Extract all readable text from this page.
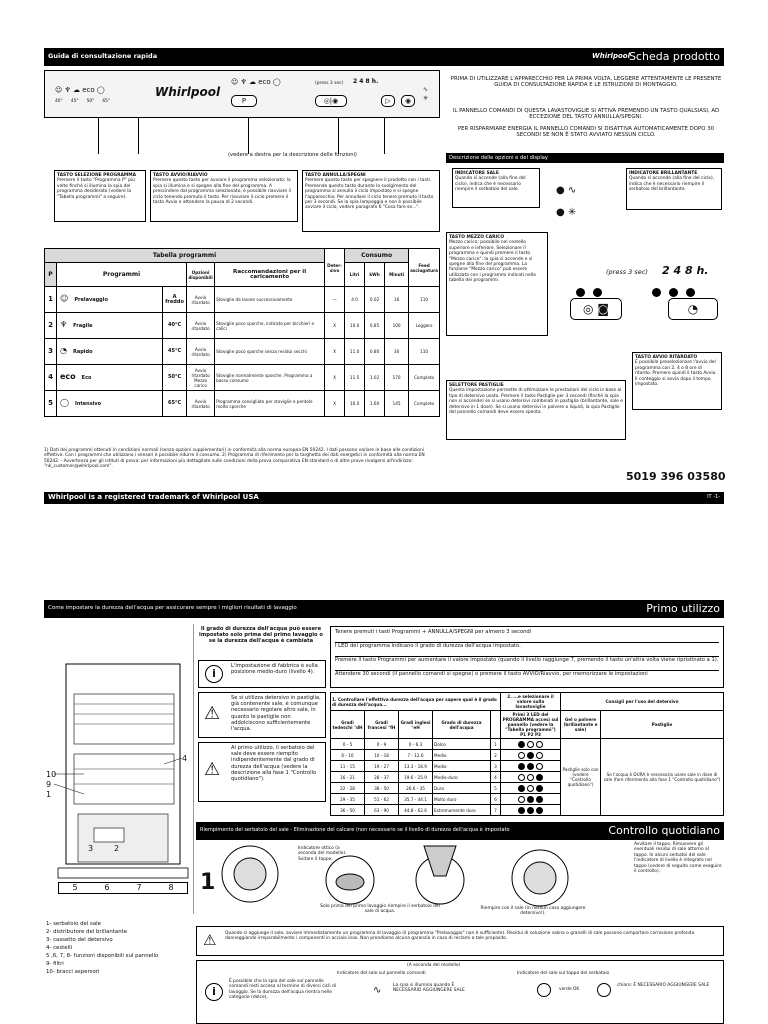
Guida di consultazione rapida	Whirlpool
Scheda prodotto
☺ ♆ ☁ eco ◯
40° 45° 50° 65°
Whirlpool
☺ ♆ ☁ eco ◯
P
(press 3 sec) 2 4 8 h.
◎|◉	▷	◉
∿
✳
(vedere a destra per la descrizione delle funzioni)
PRIMA DI UTILIZZARE L'APPARECCHIO PER LA PRIMA VOLTA, LEGGERE ATTENTAMENTE LE PRESENTE GUIDA DI CONSULTAZIONE RAPIDA E LE ISTRUZIONI DI MONTAGGIO.
IL PANNELLO COMANDI DI QUESTA LAVASTOVIGLIE SI ATTIVA PREMENDO UN TASTO QUALSIASI, AD ECCEZIONE DEL TASTO ANNULLA/SPEGNI.
PER RISPARMIARE ENERGIA IL PANNELLO COMANDI SI DISATTIVA AUTOMATICAMENTE DOPO 30 SECONDI SE NON È STATO AVVIATO NESSUN CICLO.
Descrizione delle opzioni e del display
TASTO SELEZIONE PROGRAMMA
Premere il tasto "Programma P" più volte finché si illumina la spia del programma desiderato (vedere la "Tabella programmi" a seguire).
TASTO AVVIO/RIAVVIO
Premere questo tasto per avviare il programma selezionato: la spia si illumina e si spegne alla fine del programma. A prescindere dal programma selezionato, è possibile riavviare il ciclo tenendo premuto il tasto. Per riavviare il ciclo premere il tasto Avvio e attendere la pausa di 2 secondi.
TASTO ANNULLA/SPEGNI
Premere questo tasto per spegnere il prodotto con i tasti. Premendo questo tasto durante lo svolgimento del programma si annulla il ciclo impostato e si spegne l'apparecchio. Per annullare il ciclo tenere premuto il tasto per 3 secondi. Se la spia lampeggia e non è possibile avviare il ciclo, vedere paragrafo 6 "Cosa fare se...".
INDICATORE SALE
Quando si accende (alla fine del ciclo), indica che è necessario riempire il serbatoio del sale.	● ∿
● ✳
INDICATORE BRILLANTANTE
Quando si accende (alla fine del ciclo), indica che è necessario riempire il serbatoio del brillantante.
TASTO MEZZO CARICO
Mezzo carico: possibile nel cestello superiore e inferiore. Selezionare il programma e quindi premere il tasto "Mezzo carico": la spia si accende e si spegne alla fine del programma. La funzione "Mezzo carico" può essere utilizzata con i programmi indicati nella tabella dei programmi.
(press 3 sec) 2 4 8 h.
◎ ◙	◔
TASTO AVVIO RITARDATO
È possibile preselezionare l'avvio del programma con 2, 4 o 8 ore di ritardo. Premere quindi il tasto Avvio. Il conteggio si avvia dopo il tempo impostato.
SELETTORE PASTIGLIE
Questa impostazione permette di ottimizzare le prestazioni del ciclo in base al tipo di detersivo usato. Premere il tasto Pastiglie per 3 secondi (finché la spia non si accende) se si usano detersivi combinati in pastiglia (brillantante, sale e detersivo in 1 dose). Se si usano detersivi in polvere o liquidi, la spia Pastiglie del pannello comandi deve essere spenta.
Tabella programmi					Deter-sivo	Consumo			Feed asciugatura
P	Programmi		Opzioni disponibili	Raccomandazioni per il caricamento		Litri	kWh	Minuti	
1	☺ Prelavaggio	A freddo	Avvio ritardato	Stoviglie da lavare successivamente	—	4.0	0.02	16	110
2	♆ Fragile	40°C	Avvio ritardato	Stoviglie poco sporche, indicato per bicchieri e calici	X	10.0	0.85	100	Leggero
3	◔ Rapido	45°C	Avvio ritardato	Stoviglie poco sporche senza residui secchi	X	11.0	0.80	30	110
4	eco Eco	50°C	Avvio ritardato Mezzo carico	Stoviglie normalmente sporche. Programma a basso consumo	X	11.5	1.02	170	Completo
5	◯ Intensivo	65°C	Avvio ritardato	Programma consigliato per stoviglie e pentole molto sporche	X	16.0	1.60	145	Completo
1) Dati dei programmi ottenuti in condizioni normali (senza opzioni supplementari) in conformità alla norma europea EN 50242. I dati possono variare in base alle condizioni effettive. Con i programmi che utilizzano i sensori è possibile ridurre il consumo. 2) Programma di riferimento per la targhetta dei dati energetici in conformità alla norma EN 50242. - Avvertenza per gli istituti di prova: per informazioni più dettagliate sulle condizioni della prova comparativa EN standard e di altre prove rivolgersi all'indirizzo: "nk_customer@whirlpool.com".
5019 396 03580
Whirlpool is a registered trademark of Whirlpool USA	IT -1-
Come impostare la durezza dell'acqua per assicurare sempre i migliori risultati di lavaggio	Primo utilizzo
10
9
1
4
3	2
5	6	7	8
1- serbatoio del sale
2- distributore del brillantante
3- cassetto del detersivo
4- cestelli
5 ,6, 7, 8- funzioni disponibili sul pannello
9- filtri
10- bracci aspersori
Il grado di durezza dell'acqua può essere impostato solo prima del primo lavaggio o se la durezza dell'acqua è cambiata
i
L'impostazione di fabbrica è sulla posizione medio-duro (livello 4).
⚠
Se si utilizza detersivo in pastiglia, già contenente sale, è comunque necessario regolare altro sale, in quanto le pastiglie non addolciscono sufficientemente l'acqua.
⚠
Al primo utilizzo, il serbatoio del sale deve essere riempito indipendentemente dal grado di durezza dell'acqua (vedere la descrizione alla fase 1 "Controllo quotidiano").
Tenere premuti i tasti Programmi + ANNULLA/SPEGNI per almeno 3 secondi
I LED del programma indicano il grado di durezza dell'acqua impostato.
Premere il tasto Programmi per aumentare il valore impostato (quando il livello raggiunge 7, premendo il tasto un'altra volta viene ripristinato a 1).
Attendere 30 secondi (il pannello comandi si spegne) o premere il tasto AVVIO/Riavvio, per memorizzare le impostazioni
1. Controllare l'effettiva durezza dell'acqua per sapere qual è il grado di durezza dell'acqua...					2. ...e selezionare il valore sulla lavastoviglie	Consigli per l'uso del detersivo	
Gradi tedeschi °dH	Gradi francesi °fH	Gradi inglesi °eH	Grado di durezza dell'acqua		Primi 3 LED del PROGRAMMA accesi sul pannello (vedere la "Tabella programmi") P1 P2 P3	Gel o polvere (brillantante e sale)	Pastiglie
0 - 5	0 - 9	0 - 6.3	Dolce	1		Pastiglie solo con (vedere "Controllo quotidiano")	Se l'acqua è DURA è necessario usare sale in dose di sale (fare riferimento alla fase 1 "Controllo quotidiano")
6 - 10	10 - 18	7 - 12.6	Medio	2			
11 - 15	19 - 27	13.3 - 18.9	Medio	3			
16 - 21	28 - 37	19.6 - 25.9	Medio-duro	4			
22 - 28	38 - 50	26.6 - 35	Duro	5			
29 - 35	51 - 62	35.7 - 44.1	Molto duro	6			
36 - 50	63 - 90	44.8 - 62.6	Estremamente duro	7			
Riempimento del serbatoio del sale - Eliminazione del calcare (non necessario se il livello di durezza dell'acqua è impostato	Controllo quotidiano
1
Indicatore ottico (a seconda del modello). Svitare il tappo.
Solo prima del primo lavaggio riempire il serbatoio del sale di acqua.
Riempire con il sale (in nessun caso aggiungere detersivo!).
Avvitare il tappo. Rimuovere gli eventuali residui di sale attorno al tappo. In alcuni serbatoi del sale l'indicatore di livello è integrato nel tappo (vedere di seguito come eseguire il controllo).
⚠ Quando si aggiunge il sale, avviare immediatamente un programma di lavaggio (il programma "Prelavaggio" non è sufficiente). Residui di soluzione salina o granelli di sale possono comportare corrosione profonda danneggiando irreparabilmente i componenti in acciaio inox. Non prendiamo alcuna garanzia in caso di reclami a tale proposito.
(A seconda del modello)
Indicatore del sale sul pannello comandi	Indicatore del sale sul tappo del serbatoio
i
È possibile che la spia del sale sul pannello comandi resti accesa al termine di diversi cicli di lavaggio. Se la durezza dell'acqua rientra nelle categorie (dolce),
∿	La spia si illumina quando È NECESSARIO AGGIUNGERE SALE	verde OK
chiaro: È NECESSARIO AGGIUNGERE SALE
